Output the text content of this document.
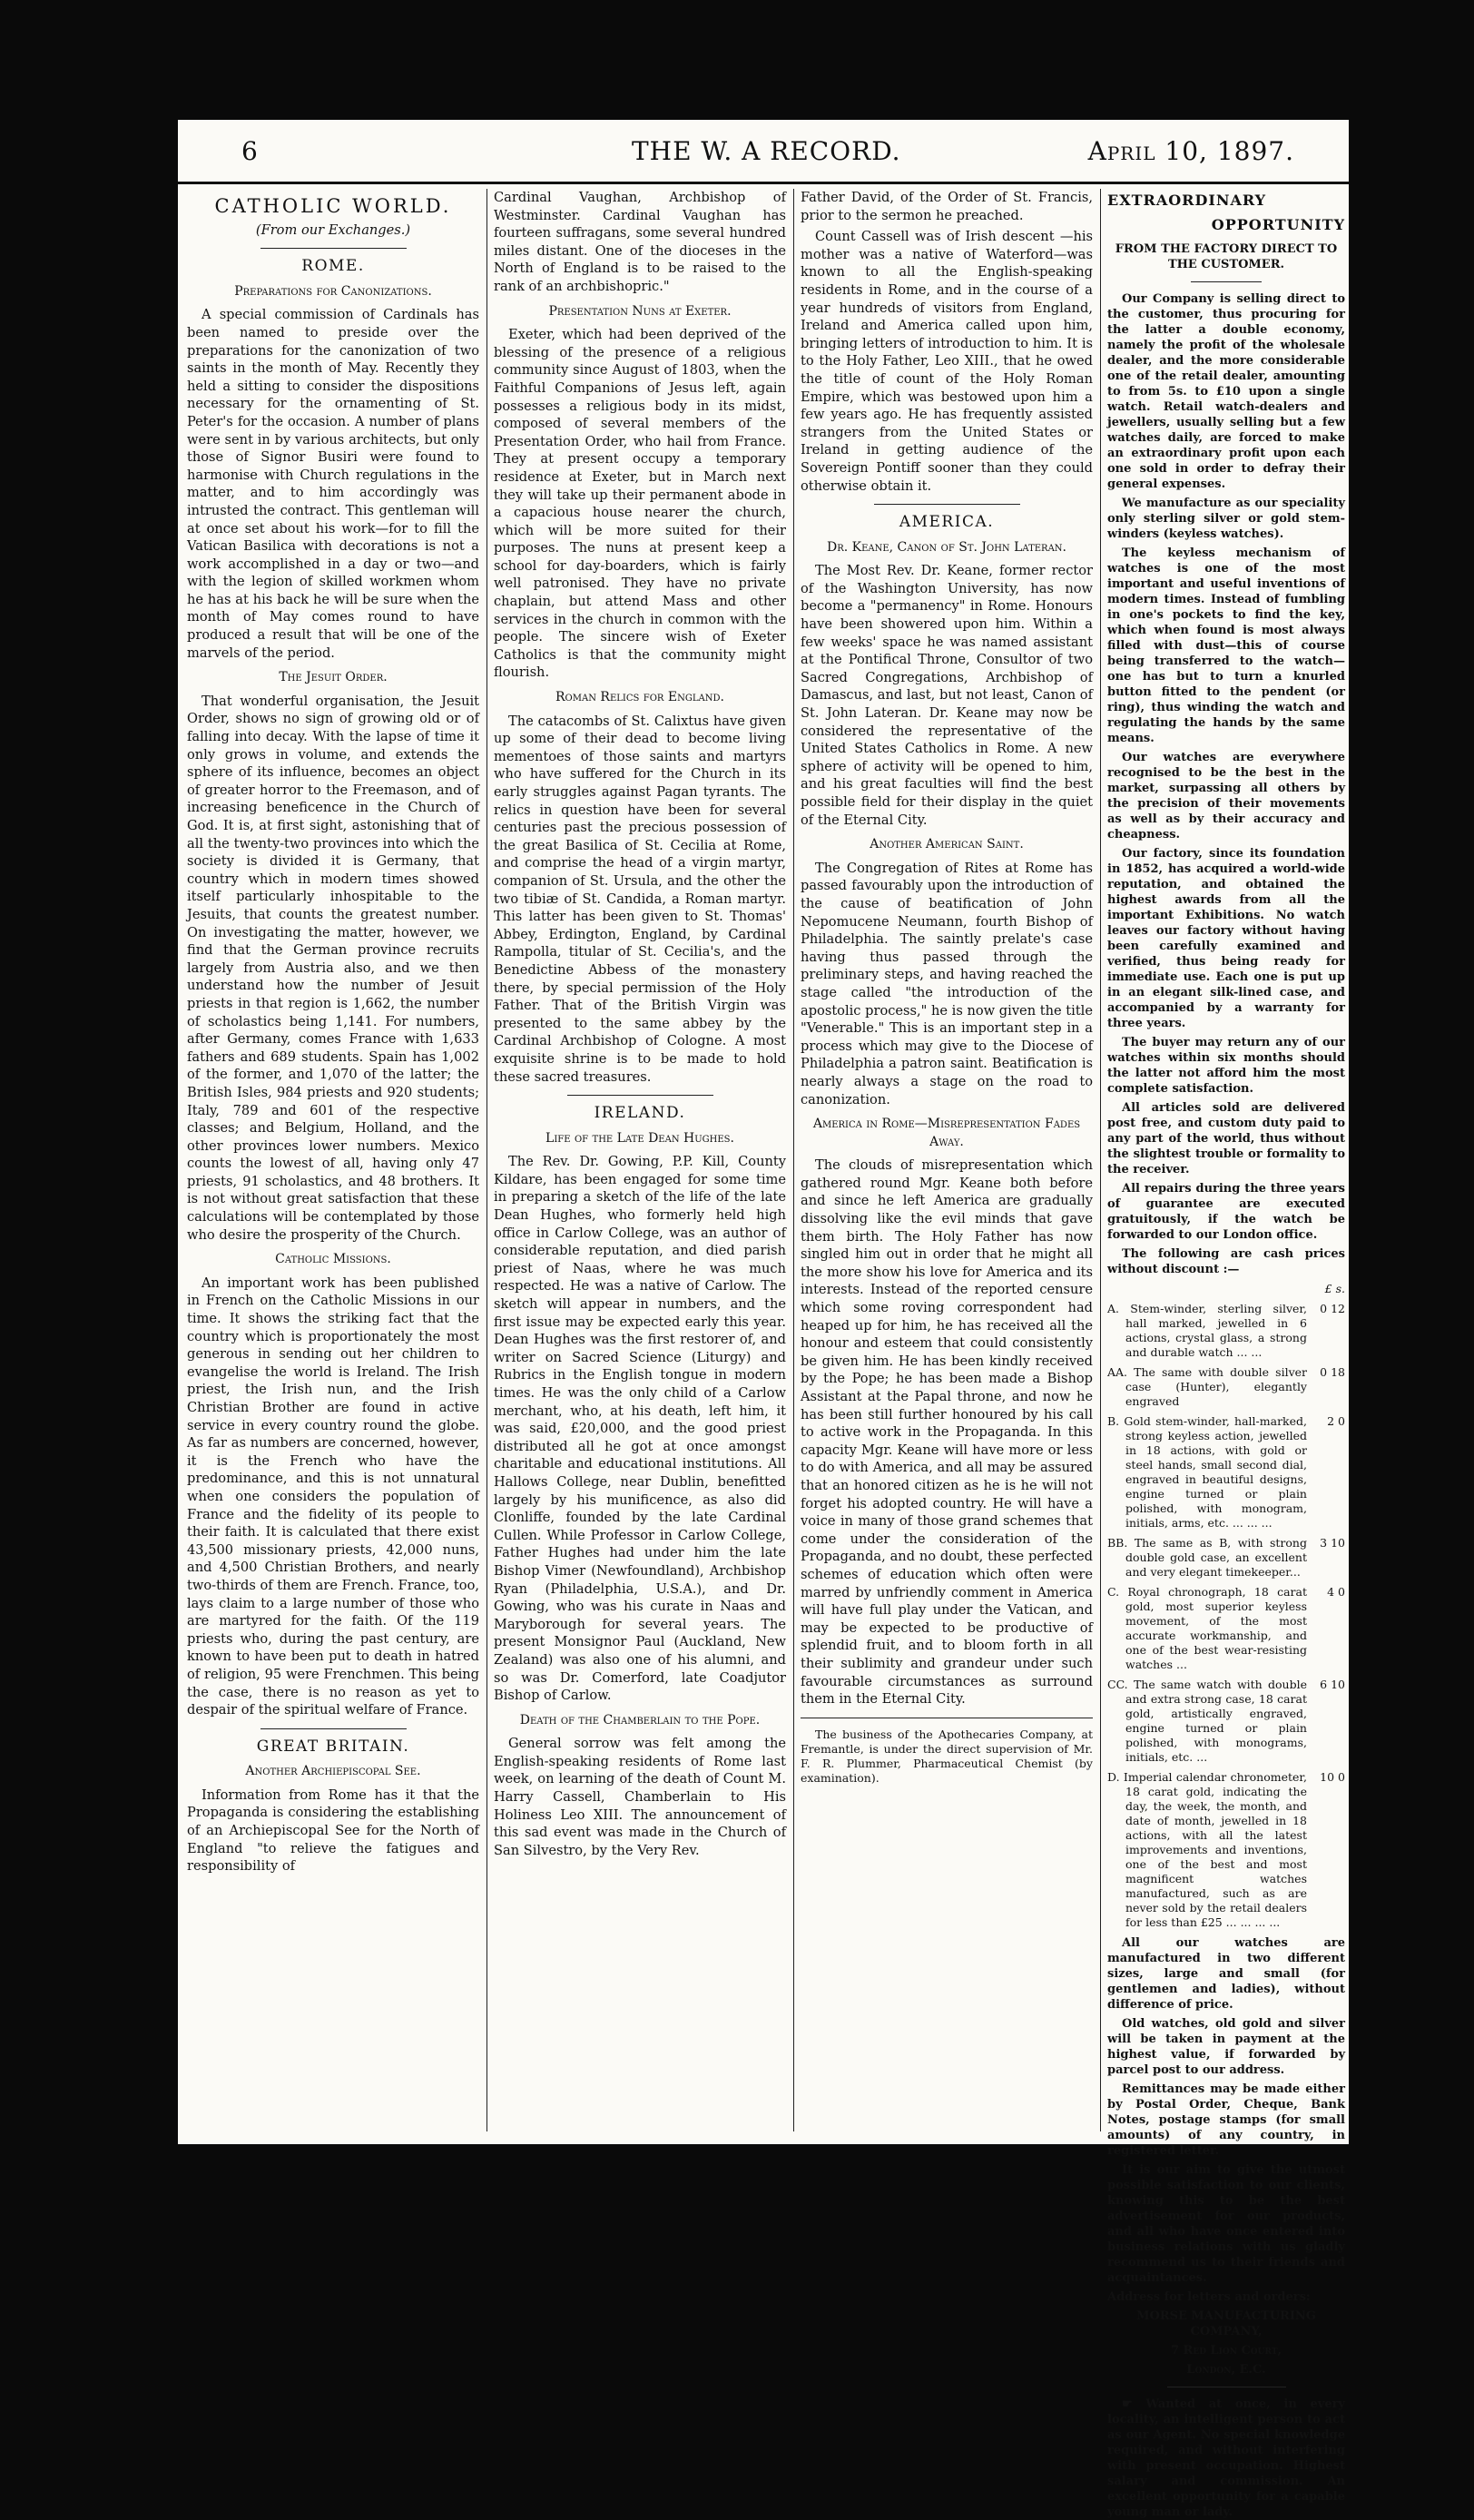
6	THE W. A RECORD.	April 10, 1897.

CATHOLIC WORLD.

(From our Exchanges.)

ROME.

Preparations for Canonizations.

A special commission of Cardinals has been named to preside over the preparations for the canonization of two saints in the month of May. Recently they held a sitting to consider the dispositions necessary for the ornamenting of St. Peter's for the occasion. A number of plans were sent in by various architects, but only those of Signor Busiri were found to harmonise with Church regulations in the matter, and to him accordingly was intrusted the contract. This gentleman will at once set about his work—for to fill the Vatican Basilica with decorations is not a work accomplished in a day or two—and with the legion of skilled workmen whom he has at his back he will be sure when the month of May comes round to have produced a result that will be one of the marvels of the period.

The Jesuit Order.

That wonderful organisation, the Jesuit Order, shows no sign of growing old or of falling into decay. With the lapse of time it only grows in volume, and extends the sphere of its influence, becomes an object of greater horror to the Freemason, and of increasing beneficence in the Church of God. It is, at first sight, astonishing that of all the twenty-two provinces into which the society is divided it is Germany, that country which in modern times showed itself particularly inhospitable to the Jesuits, that counts the greatest number. On investigating the matter, however, we find that the German province recruits largely from Austria also, and we then understand how the number of Jesuit priests in that region is 1,662, the number of scholastics being 1,141. For numbers, after Germany, comes France with 1,633 fathers and 689 students. Spain has 1,002 of the former, and 1,070 of the latter; the British Isles, 984 priests and 920 students; Italy, 789 and 601 of the respective classes; and Belgium, Holland, and the other provinces lower numbers. Mexico counts the lowest of all, having only 47 priests, 91 scholastics, and 48 brothers. It is not without great satisfaction that these calculations will be contemplated by those who desire the prosperity of the Church.

Catholic Missions.

An important work has been published in French on the Catholic Missions in our time. It shows the striking fact that the country which is proportionately the most generous in sending out her children to evangelise the world is Ireland. The Irish priest, the Irish nun, and the Irish Christian Brother are found in active service in every country round the globe. As far as numbers are concerned, however, it is the French who have the predominance, and this is not unnatural when one considers the population of France and the fidelity of its people to their faith. It is calculated that there exist 43,500 missionary priests, 42,000 nuns, and 4,500 Christian Brothers, and nearly two-thirds of them are French. France, too, lays claim to a large number of those who are martyred for the faith. Of the 119 priests who, during the past century, are known to have been put to death in hatred of religion, 95 were Frenchmen. This being the case, there is no reason as yet to despair of the spiritual welfare of France.

GREAT BRITAIN.

Another Archiepiscopal See.

Information from Rome has it that the Propaganda is considering the establishing of an Archiepiscopal See for the North of England "to relieve the fatigues and responsibility of

Cardinal Vaughan, Archbishop of Westminster. Cardinal Vaughan has fourteen suffragans, some several hundred miles distant. One of the dioceses in the North of England is to be raised to the rank of an archbishopric."

Presentation Nuns at Exeter.

Exeter, which had been deprived of the blessing of the presence of a religious community since August of 1803, when the Faithful Companions of Jesus left, again possesses a religious body in its midst, composed of several members of the Presentation Order, who hail from France. They at present occupy a temporary residence at Exeter, but in March next they will take up their permanent abode in a capacious house nearer the church, which will be more suited for their purposes. The nuns at present keep a school for day-boarders, which is fairly well patronised. They have no private chaplain, but attend Mass and other services in the church in common with the people. The sincere wish of Exeter Catholics is that the community might flourish.

Roman Relics for England.

The catacombs of St. Calixtus have given up some of their dead to become living mementoes of those saints and martyrs who have suffered for the Church in its early struggles against Pagan tyrants. The relics in question have been for several centuries past the precious possession of the great Basilica of St. Cecilia at Rome, and comprise the head of a virgin martyr, companion of St. Ursula, and the other the two tibiæ of St. Candida, a Roman martyr. This latter has been given to St. Thomas' Abbey, Erdington, England, by Cardinal Rampolla, titular of St. Cecilia's, and the Benedictine Abbess of the monastery there, by special permission of the Holy Father. That of the British Virgin was presented to the same abbey by the Cardinal Archbishop of Cologne. A most exquisite shrine is to be made to hold these sacred treasures.

IRELAND.

Life of the Late Dean Hughes.

The Rev. Dr. Gowing, P.P. Kill, County Kildare, has been engaged for some time in preparing a sketch of the life of the late Dean Hughes, who formerly held high office in Carlow College, was an author of considerable reputation, and died parish priest of Naas, where he was much respected. He was a native of Carlow. The sketch will appear in numbers, and the first issue may be expected early this year. Dean Hughes was the first restorer of, and writer on Sacred Science (Liturgy) and Rubrics in the English tongue in modern times. He was the only child of a Carlow merchant, who, at his death, left him, it was said, £20,000, and the good priest distributed all he got at once amongst charitable and educational institutions. All Hallows College, near Dublin, benefitted largely by his munificence, as also did Clonliffe, founded by the late Cardinal Cullen. While Professor in Carlow College, Father Hughes had under him the late Bishop Vimer (Newfoundland), Archbishop Ryan (Philadelphia, U.S.A.), and Dr. Gowing, who was his curate in Naas and Maryborough for several years. The present Monsignor Paul (Auckland, New Zealand) was also one of his alumni, and so was Dr. Comerford, late Coadjutor Bishop of Carlow.

Death of the Chamberlain to the Pope.

General sorrow was felt among the English-speaking residents of Rome last week, on learning of the death of Count M. Harry Cassell, Chamberlain to His Holiness Leo XIII. The announcement of this sad event was made in the Church of San Silvestro, by the Very Rev.

Father David, of the Order of St. Francis, prior to the sermon he preached.

Count Cassell was of Irish descent —his mother was a native of Waterford—was known to all the English-speaking residents in Rome, and in the course of a year hundreds of visitors from England, Ireland and America called upon him, bringing letters of introduction to him. It is to the Holy Father, Leo XIII., that he owed the title of count of the Holy Roman Empire, which was bestowed upon him a few years ago. He has frequently assisted strangers from the United States or Ireland in getting audience of the Sovereign Pontiff sooner than they could otherwise obtain it.

AMERICA.

Dr. Keane, Canon of St. John Lateran.

The Most Rev. Dr. Keane, former rector of the Washington University, has now become a "permanency" in Rome. Honours have been showered upon him. Within a few weeks' space he was named assistant at the Pontifical Throne, Consultor of two Sacred Congregations, Archbishop of Damascus, and last, but not least, Canon of St. John Lateran. Dr. Keane may now be considered the representative of the United States Catholics in Rome. A new sphere of activity will be opened to him, and his great faculties will find the best possible field for their display in the quiet of the Eternal City.

Another American Saint.

The Congregation of Rites at Rome has passed favourably upon the introduction of the cause of beatification of John Nepomucene Neumann, fourth Bishop of Philadelphia. The saintly prelate's case having thus passed through the preliminary steps, and having reached the stage called "the introduction of the apostolic process," he is now given the title "Venerable." This is an important step in a process which may give to the Diocese of Philadelphia a patron saint. Beatification is nearly always a stage on the road to canonization.

America in Rome—Misrepresentation Fades Away.

The clouds of misrepresentation which gathered round Mgr. Keane both before and since he left America are gradually dissolving like the evil minds that gave them birth. The Holy Father has now singled him out in order that he might all the more show his love for America and its interests. Instead of the reported censure which some roving correspondent had heaped up for him, he has received all the honour and esteem that could consistently be given him. He has been kindly received by the Pope; he has been made a Bishop Assistant at the Papal throne, and now he has been still further honoured by his call to active work in the Propaganda. In this capacity Mgr. Keane will have more or less to do with America, and all may be assured that an honored citizen as he is he will not forget his adopted country. He will have a voice in many of those grand schemes that come under the consideration of the Propaganda, and no doubt, these perfected schemes of education which often were marred by unfriendly comment in America will have full play under the Vatican, and may be expected to be productive of splendid fruit, and to bloom forth in all their sublimity and grandeur under such favourable circumstances as surround them in the Eternal City.

The business of the Apothecaries Company, at Fremantle, is under the direct supervision of Mr. F. R. Plummer, Pharmaceutical Chemist (by examination).

EXTRAORDINARY

OPPORTUNITY

FROM THE FACTORY DIRECT TO THE CUSTOMER.

Our Company is selling direct to the customer, thus procuring for the latter a double economy, namely the profit of the wholesale dealer, and the more considerable one of the retail dealer, amounting to from 5s. to £10 upon a single watch. Retail watch-dealers and jewellers, usually selling but a few watches daily, are forced to make an extraordinary profit upon each one sold in order to defray their general expenses.

We manufacture as our speciality only sterling silver or gold stem-winders (keyless watches).

The keyless mechanism of watches is one of the most important and useful inventions of modern times. Instead of fumbling in one's pockets to find the key, which when found is most always filled with dust—this of course being transferred to the watch—one has but to turn a knurled button fitted to the pendent (or ring), thus winding the watch and regulating the hands by the same means.

Our watches are everywhere recognised to be the best in the market, surpassing all others by the precision of their movements as well as by their accuracy and cheapness.

Our factory, since its foundation in 1852, has acquired a world-wide reputation, and obtained the highest awards from all the important Exhibitions. No watch leaves our factory without having been carefully examined and verified, thus being ready for immediate use. Each one is put up in an elegant silk-lined case, and accompanied by a warranty for three years.

The buyer may return any of our watches within six months should the latter not afford him the most complete satisfaction.

All articles sold are delivered post free, and custom duty paid to any part of the world, thus without the slightest trouble or formality to the receiver.

All repairs during the three years of guarantee are executed gratuitously, if the watch be forwarded to our London office.

The following are cash prices without discount :—

£ s.
A. Stem-winder, sterling silver, hall marked, jewelled in 6 actions, crystal glass, a strong and durable watch ... ...
0 12
AA. The same with double silver case (Hunter), elegantly engraved
0 18
B. Gold stem-winder, hall-marked, strong keyless action, jewelled in 18 actions, with gold or steel hands, small second dial, engraved in beautiful designs, engine turned or plain polished, with monogram, initials, arms, etc. ... ... ...
2 0
BB. The same as B, with strong double gold case, an excellent and very elegant timekeeper...
3 10
C. Royal chronograph, 18 carat gold, most superior keyless movement, of the most accurate workmanship, and one of the best wear-resisting watches ...
4 0
CC. The same watch with double and extra strong case, 18 carat gold, artistically engraved, engine turned or plain polished, with monograms, initials, etc. ...
6 10
D. Imperial calendar chronometer, 18 carat gold, indicating the day, the week, the month, and date of month, jewelled in 18 actions, with all the latest improvements and inventions, one of the best and most magnificent watches manufactured, such as are never sold by the retail dealers for less than £25 ... ... ... ...
10 0

All our watches are manufactured in two different sizes, large and small (for gentlemen and ladies), without difference of price.

Old watches, old gold and silver will be taken in payment at the highest value, if forwarded by parcel post to our address.

Remittances may be made either by Postal Order, Cheque, Bank Notes, postage stamps (for small amounts) of any country, in registered letter.

It is our aim to give the utmost possible satisfaction to our clients, knowing this to be the best advertisement for our products, and all who have once entered into business relations with us gladly recommend us to their friends and acquaintances.

Address for letters and orders:

MORSE MANUFACTURING COMPANY,

7 Red Lion Court,

London, E.C.

☛ Wanted at once, in every locality, an intelligent person to act as our Agent. No special knowledge required, and without interfering with present occupation. Highest salary and commission. An excellent opportunity for a capable young man or lady.
